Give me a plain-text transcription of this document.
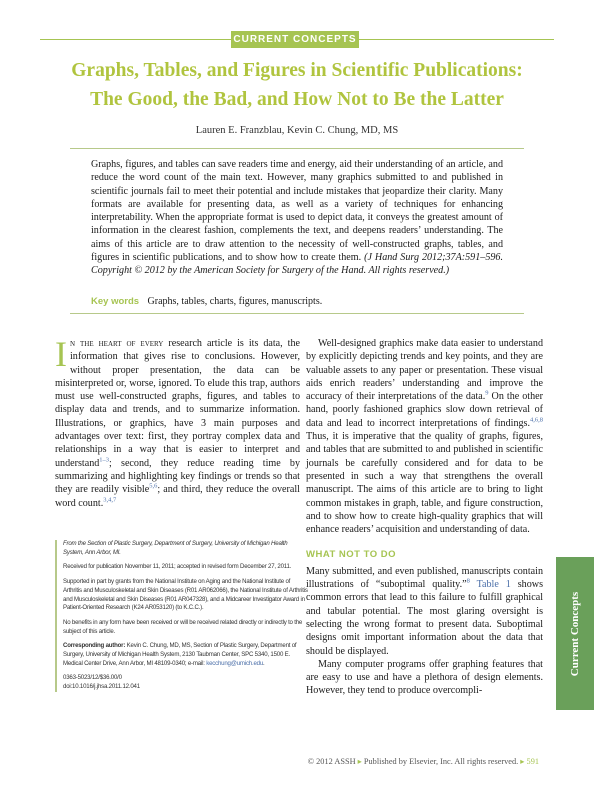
CURRENT CONCEPTS
Graphs, Tables, and Figures in Scientific Publications:
The Good, the Bad, and How Not to Be the Latter
Lauren E. Franzblau, Kevin C. Chung, MD, MS
Graphs, figures, and tables can save readers time and energy, aid their understanding of an article, and reduce the word count of the main text. However, many graphics submitted to and published in scientific journals fail to meet their potential and include mistakes that jeopardize their clarity. Many formats are available for presenting data, as well as a variety of techniques for enhancing interpretability. When the appropriate format is used to depict data, it conveys the greatest amount of information in the clearest fashion, complements the text, and deepens readers’ understanding. The aims of this article are to draw attention to the necessity of well-constructed graphs, tables, and figures in scientific publications, and to show how to create them. (J Hand Surg 2012;37A:591–596. Copyright © 2012 by the American Society for Surgery of the Hand. All rights reserved.)
Key words Graphs, tables, charts, figures, manuscripts.

In the heart of every research article is its data, the information that gives rise to conclusions. However, without proper presentation, the data can be misinterpreted or, worse, ignored. To elude this trap, authors must use well-constructed graphs, figures, and tables to display data and trends, and to summarize information. Illustrations, or graphics, have 3 main purposes and advantages over text: first, they portray complex data and relationships in a way that is easier to interpret and understand$^{1-3}$; second, they reduce reading time by summarizing and highlighting key findings or trends so that they are readily visible$^{5,6}$; and third, they reduce the overall word count.$^{3,4,7}$

From the Section of Plastic Surgery, Department of Surgery, University of Michigan Health System, Ann Arbor, MI.

Received for publication November 11, 2011; accepted in revised form December 27, 2011.

Supported in part by grants from the National Institute on Aging and the National Institute of Arthritis and Musculoskeletal and Skin Diseases (R01 AR062066), the National Institute of Arthritis and Musculoskeletal and Skin Diseases (R01 AR047328), and a Midcareer Investigator Award in Patient-Oriented Research (K24 AR053120) (to K.C.C.).

No benefits in any form have been received or will be received related directly or indirectly to the subject of this article.

Corresponding author: Kevin C. Chung, MD, MS, Section of Plastic Surgery, Department of Surgery, University of Michigan Health System, 2130 Taubman Center, SPC 5340, 1500 E. Medical Center Drive, Ann Arbor, MI 48109-0340; e-mail: kecchung@umich.edu.

0363-5023/12/$36.00/0
doi:10.1016/j.jhsa.2011.12.041

Well-designed graphics make data easier to understand by explicitly depicting trends and key points, and they are valuable assets to any paper or presentation. These visual aids enrich readers’ understanding and improve the accuracy of their interpretations of the data.$^9$ On the other hand, poorly fashioned graphics slow down retrieval of data and lead to incorrect interpretations of findings.$^{4,6,8}$ Thus, it is imperative that the quality of graphs, figures, and tables that are submitted to and published in scientific journals be carefully considered and for data to be presented in such a way that strengthens the overall manuscript. The aims of this article are to bring to light common mistakes in graph, table, and figure construction, and to show how to create high-quality graphics that will enhance readers’ acquisition and understanding of data.

WHAT NOT TO DO

Many submitted, and even published, manuscripts contain illustrations of “suboptimal quality.”$^8$ Table 1 shows common errors that lead to this failure to fulfill graphical and tabular potential. The most glaring oversight is selecting the wrong format to present data. Suboptimal designs omit important information about the data that should be displayed.

Many computer programs offer graphing features that are easy to use and have a plethora of design elements. However, they tend to produce overcompli-

Current Concepts
© 2012 ASSH ▸ Published by Elsevier, Inc. All rights reserved. ▸ 591
